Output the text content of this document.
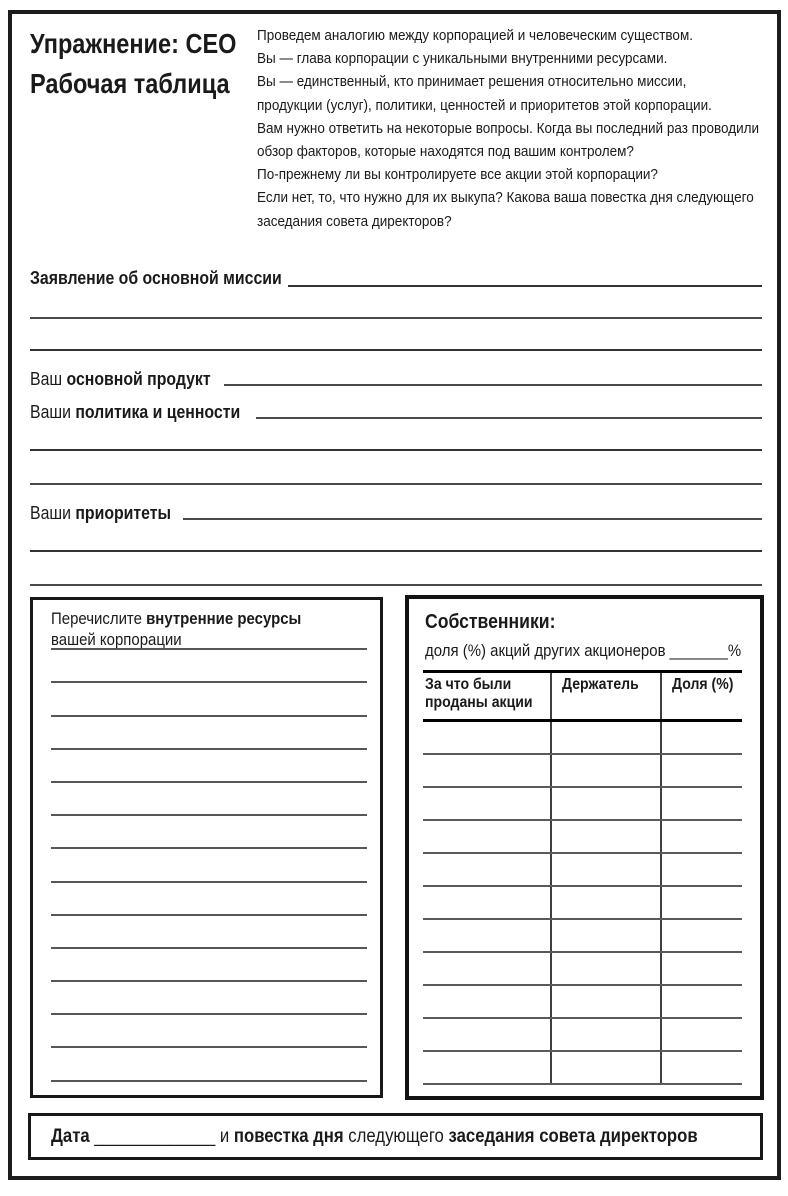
Упражнение: CEO
Рабочая таблица
Проведем аналогию между корпорацией и человеческим существом.
Вы — глава корпорации с уникальными внутренними ресурсами.
Вы — единственный, кто принимает решения относительно миссии,
продукции (услуг), политики, ценностей и приоритетов этой корпорации.
Вам нужно ответить на некоторые вопросы. Когда вы последний раз проводили
обзор факторов, которые находятся под вашим контролем?
По-прежнему ли вы контролируете все акции этой корпорации?
Если нет, то, что нужно для их выкупа? Какова ваша повестка дня следующего
заседания совета директоров?
Заявление об основной миссии
Ваш основной продукт
Ваши политика и ценности
Ваши приоритеты
Перечислите внутренние ресурсы
вашей корпорации
Собственники:
доля (%) акций других акционеров _______%
За что были
проданы акции
Держатель	Доля (%)
Дата _____________ и повестка дня следующего заседания совета директоров
